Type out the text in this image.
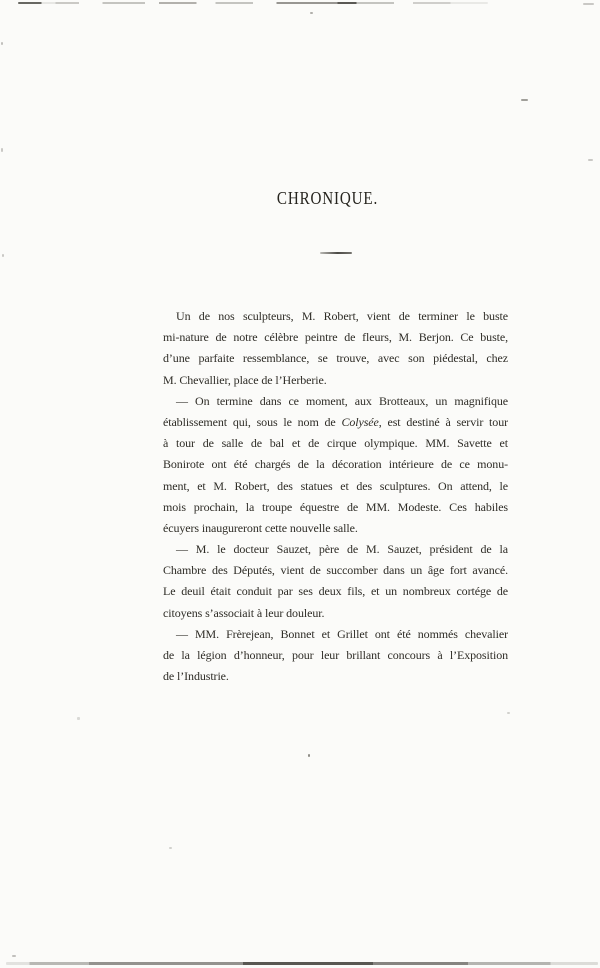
CHRONIQUE.
Un de nos sculpteurs, M. Robert, vient de terminer le buste
mi-nature de notre célèbre peintre de fleurs, M. Berjon. Ce buste,
d’une parfaite ressemblance, se trouve, avec son piédestal, chez
M. Chevallier, place de l’Herberie.
— On termine dans ce moment, aux Brotteaux, un magnifique
établissement qui, sous le nom de Colysée, est destiné à servir tour
à tour de salle de bal et de cirque olympique. MM. Savette et
Bonirote ont été chargés de la décoration intérieure de ce monu-
ment, et M. Robert, des statues et des sculptures. On attend, le
mois prochain, la troupe équestre de MM. Modeste. Ces habiles
écuyers inaugureront cette nouvelle salle.
— M. le docteur Sauzet, père de M. Sauzet, président de la
Chambre des Députés, vient de succomber dans un âge fort avancé.
Le deuil était conduit par ses deux fils, et un nombreux cortége de
citoyens s’associait à leur douleur.
— MM. Frèrejean, Bonnet et Grillet ont été nommés chevalier
de la légion d’honneur, pour leur brillant concours à l’Exposition
de l’Industrie.
